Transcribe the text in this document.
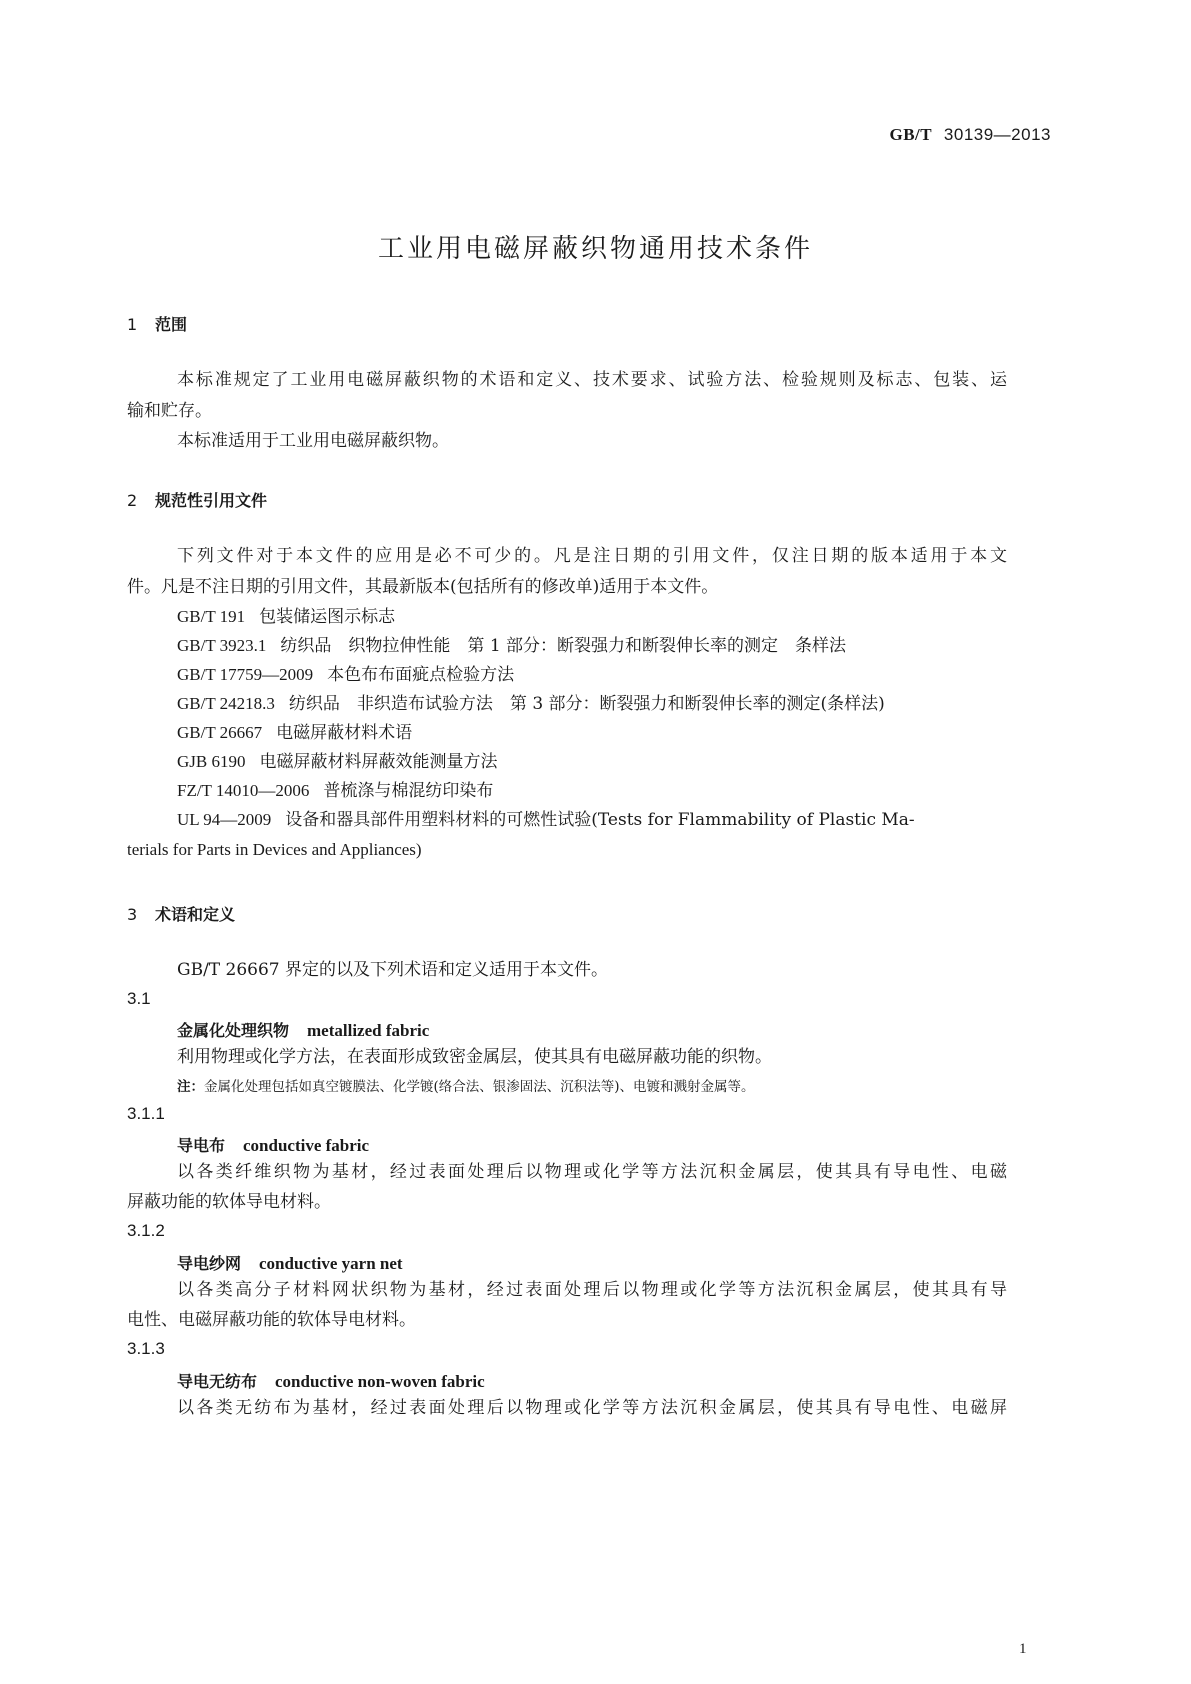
GB/T 30139—2013
工业用电磁屏蔽织物通用技术条件
1 范围
本标准规定了工业用电磁屏蔽织物的术语和定义、技术要求、试验方法、检验规则及标志、包装、运
输和贮存。
本标准适用于工业用电磁屏蔽织物。
2 规范性引用文件
下列文件对于本文件的应用是必不可少的。凡是注日期的引用文件，仅注日期的版本适用于本文
件。凡是不注日期的引用文件，其最新版本(包括所有的修改单)适用于本文件。
GB/T 191 包装储运图示标志
GB/T 3923.1 纺织品　织物拉伸性能　第 1 部分：断裂强力和断裂伸长率的测定　条样法
GB/T 17759—2009 本色布布面疵点检验方法
GB/T 24218.3 纺织品　非织造布试验方法　第 3 部分：断裂强力和断裂伸长率的测定(条样法)
GB/T 26667 电磁屏蔽材料术语
GJB 6190 电磁屏蔽材料屏蔽效能测量方法
FZ/T 14010—2006 普梳涤与棉混纺印染布
UL 94—2009 设备和器具部件用塑料材料的可燃性试验(Tests for Flammability of Plastic Ma-
terials for Parts in Devices and Appliances)
3 术语和定义
GB/T 26667 界定的以及下列术语和定义适用于本文件。
3.1
金属化处理织物 metallized fabric
利用物理或化学方法，在表面形成致密金属层，使其具有电磁屏蔽功能的织物。
注：金属化处理包括如真空镀膜法、化学镀(络合法、银渗固法、沉积法等)、电镀和溅射金属等。
3.1.1
导电布 conductive fabric
以各类纤维织物为基材，经过表面处理后以物理或化学等方法沉积金属层，使其具有导电性、电磁
屏蔽功能的软体导电材料。
3.1.2
导电纱网 conductive yarn net
以各类高分子材料网状织物为基材，经过表面处理后以物理或化学等方法沉积金属层，使其具有导
电性、电磁屏蔽功能的软体导电材料。
3.1.3
导电无纺布 conductive non-woven fabric
以各类无纺布为基材，经过表面处理后以物理或化学等方法沉积金属层，使其具有导电性、电磁屏
1
